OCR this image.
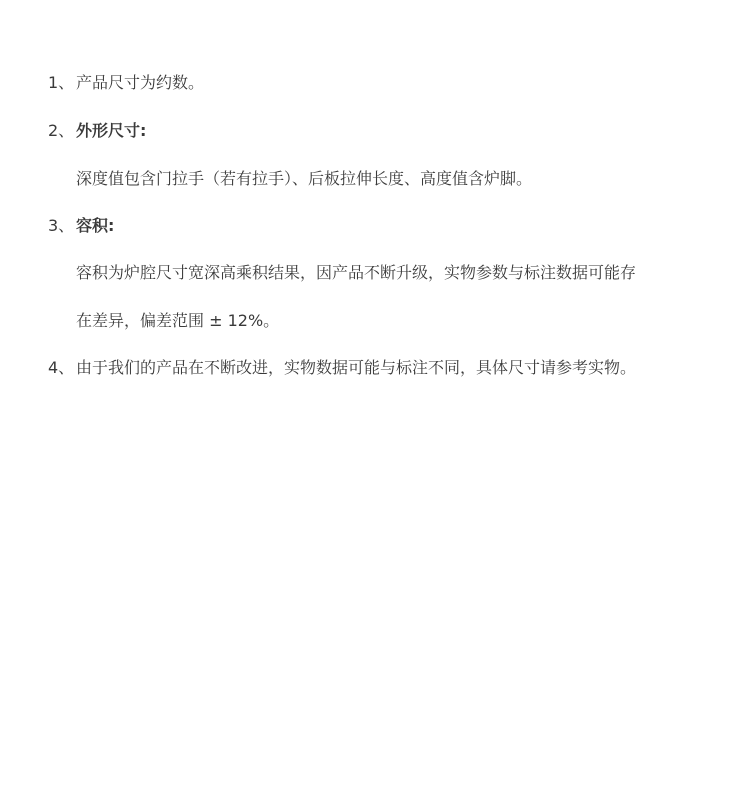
1、 产品尺寸为约数。
2、 外形尺寸:
深度值包含门拉手（若有拉手）、后板拉伸长度、高度值含炉脚。
3、 容积:
容积为炉腔尺寸宽深高乘积结果，因产品不断升级，实物参数与标注数据可能存
在差异，偏差范围 ± 12%。
4、 由于我们的产品在不断改进，实物数据可能与标注不同，具体尺寸请参考实物。
